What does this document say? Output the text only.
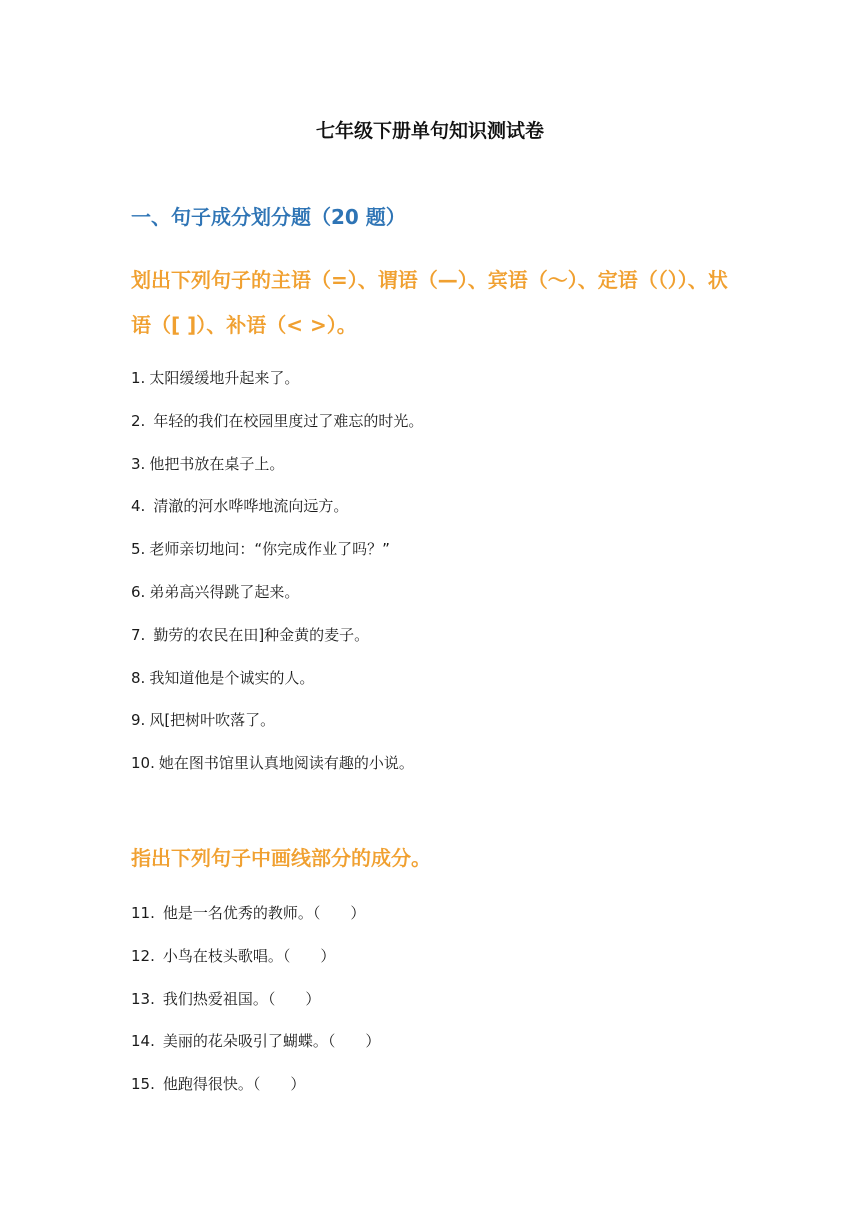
七年级下册单句知识测试卷
一、句子成分划分题（20 题）
划出下列句子的主语（=）、谓语（—）、宾语（～）、定语（（））、状语（[ ]）、补语（< >）。
1. 太阳缓缓地升起来了。
2. 年轻的我们在校园里度过了难忘的时光。
3. 他把书放在桌子上。
4. 清澈的河水哗哗地流向远方。
5. 老师亲切地问：“你完成作业了吗？”
6. 弟弟高兴得跳了起来。
7. 勤劳的农民在田]种金黄的麦子。
8. 我知道他是个诚实的人。
9. 风[把树叶吹落了。
10. 她在图书馆里认真地阅读有趣的小说。
指出下列句子中画线部分的成分。
11. 他是一名优秀的教师。（　　）
12. 小鸟在枝头歌唱。（　　）
13. 我们热爱祖国。（　　）
14. 美丽的花朵吸引了蝴蝶。（　　）
15. 他跑得很快。（　　）
